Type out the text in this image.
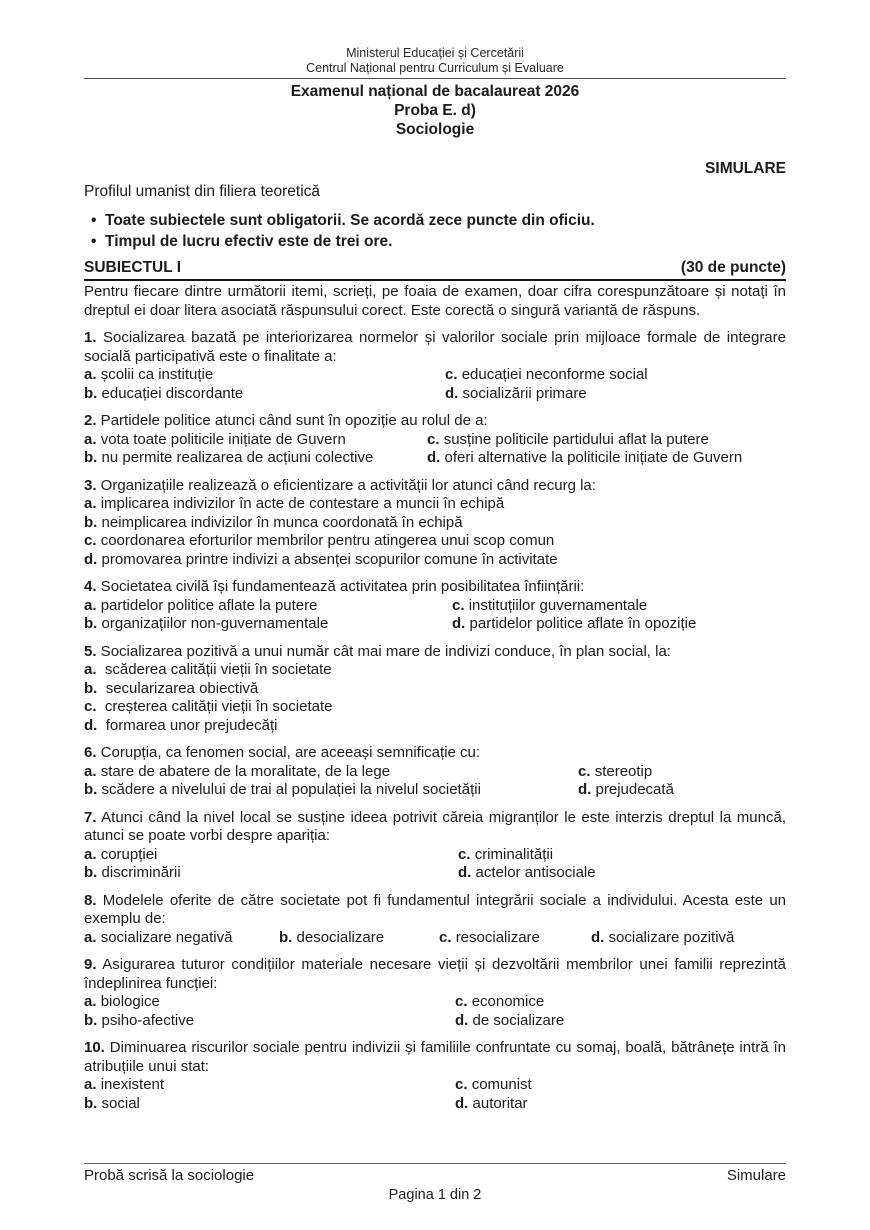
Ministerul Educației și Cercetării
Centrul Național pentru Curriculum și Evaluare
Examenul național de bacalaureat 2026
Proba E. d)
Sociologie
SIMULARE
Profilul umanist din filiera teoretică
• Toate subiectele sunt obligatorii. Se acordă zece puncte din oficiu.
• Timpul de lucru efectiv este de trei ore.
SUBIECTUL I	(30 de puncte)
Pentru fiecare dintre următorii itemi, scrieți, pe foaia de examen, doar cifra corespunzătoare și notați în dreptul ei doar litera asociată răspunsului corect. Este corectă o singură variantă de răspuns.
1. Socializarea bazată pe interiorizarea normelor și valorilor sociale prin mijloace formale de integrare socială participativă este o finalitate a:
a. școlii ca instituție	c. educației neconforme social
b. educației discordante	d. socializării primare
2. Partidele politice atunci când sunt în opoziție au rolul de a:
a. vota toate politicile inițiate de Guvern	c. susține politicile partidului aflat la putere
b. nu permite realizarea de acțiuni colective	d. oferi alternative la politicile inițiate de Guvern
3. Organizațiile realizează o eficientizare a activității lor atunci când recurg la:
a. implicarea indivizilor în acte de contestare a muncii în echipă
b. neimplicarea indivizilor în munca coordonată în echipă
c. coordonarea eforturilor membrilor pentru atingerea unui scop comun
d. promovarea printre indivizi a absenței scopurilor comune în activitate
4. Societatea civilă își fundamentează activitatea prin posibilitatea înființării:
a. partidelor politice aflate la putere	c. instituțiilor guvernamentale
b. organizațiilor non-guvernamentale	d. partidelor politice aflate în opoziție
5. Socializarea pozitivă a unui număr cât mai mare de indivizi conduce, în plan social, la:
a. scăderea calității vieții în societate
b. secularizarea obiectivă
c. creșterea calității vieții în societate
d. formarea unor prejudecăți
6. Corupția, ca fenomen social, are aceeași semnificație cu:
a. stare de abatere de la moralitate, de la lege	c. stereotip
b. scădere a nivelului de trai al populației la nivelul societății	d. prejudecată
7. Atunci când la nivel local se susține ideea potrivit căreia migranților le este interzis dreptul la muncă, atunci se poate vorbi despre apariția:
a. corupției	c. criminalității
b. discriminării	d. actelor antisociale
8. Modelele oferite de către societate pot fi fundamentul integrării sociale a individului. Acesta este un exemplu de:
a. socializare negativă	b. desocializare	c. resocializare	d. socializare pozitivă
9. Asigurarea tuturor condițiilor materiale necesare vieții și dezvoltării membrilor unei familii reprezintă îndeplinirea funcției:
a. biologice	c. economice
b. psiho-afective	d. de socializare
10. Diminuarea riscurilor sociale pentru indivizii și familiile confruntate cu somaj, boală, bătrânețe intră în atribuțiile unui stat:
a. inexistent	c. comunist
b. social	d. autoritar
Probă scrisă la sociologie	Simulare
Pagina 1 din 2
